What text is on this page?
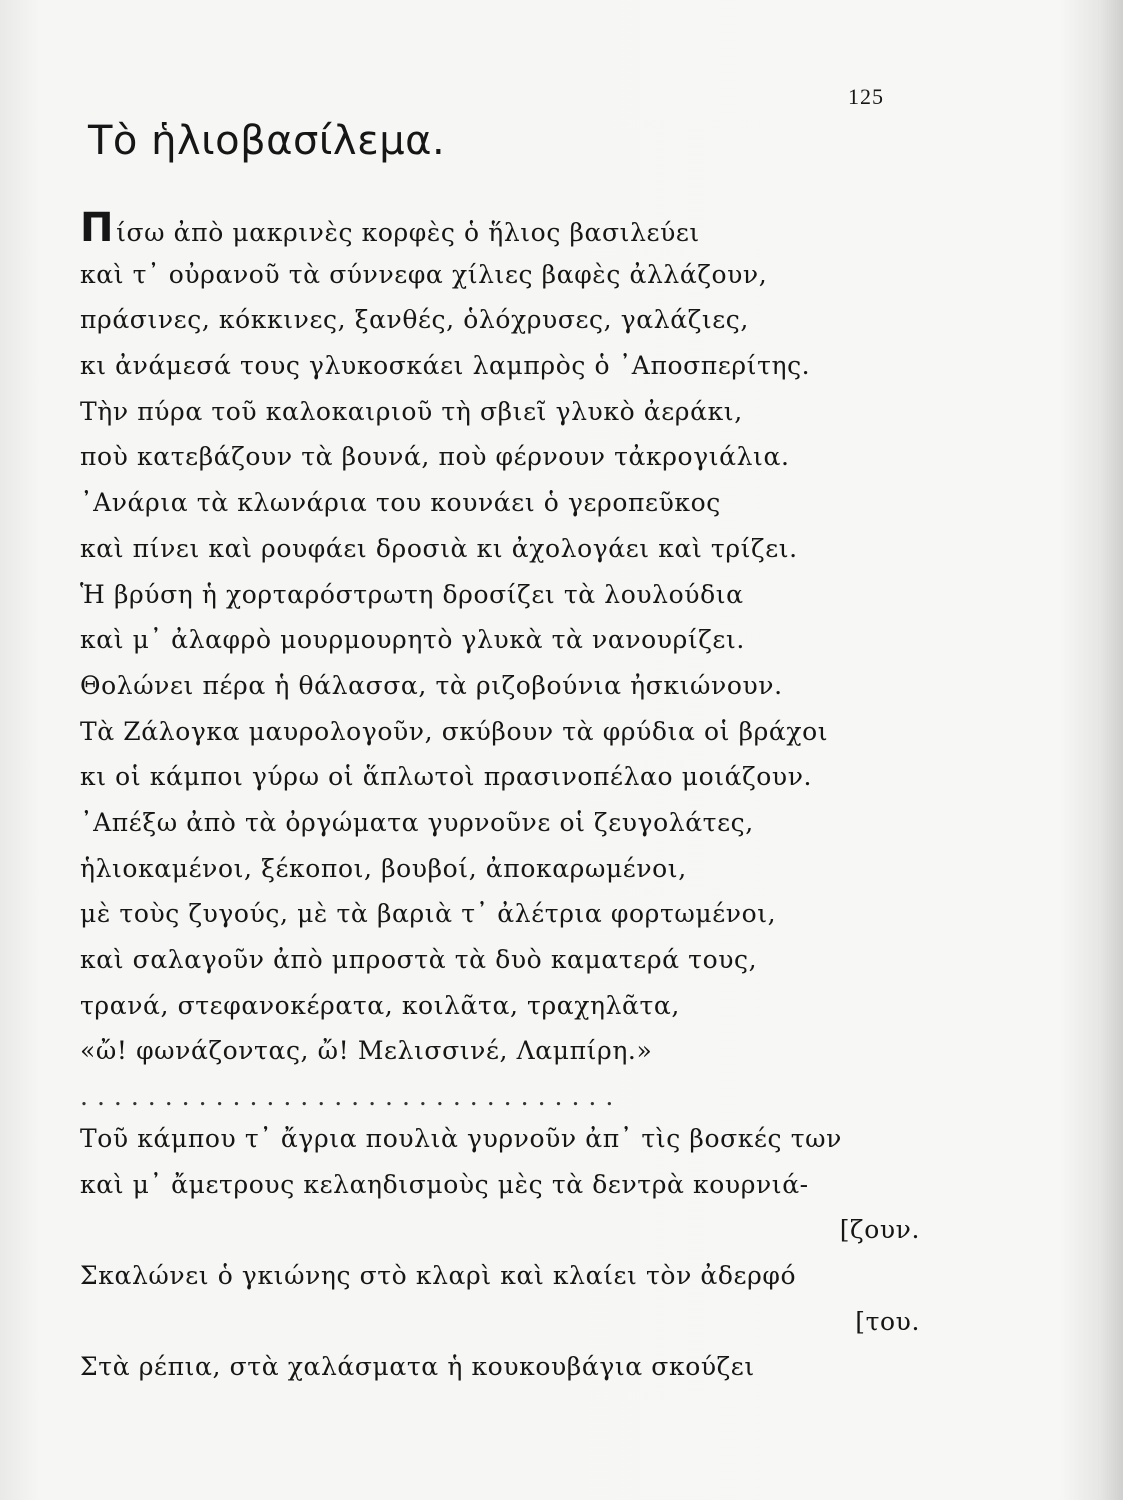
125
Τὸ ἡλιοβασίλεμα.
Πίσω ἀπὸ μακρινὲς κορφὲς ὁ ἥλιος βασιλεύει
καὶ τ᾿ οὐρανοῦ τὰ σύννεφα χίλιες βαφὲς ἀλλάζουν,
πράσινες, κόκκινες, ξανθές, ὁλόχρυσες, γαλάζιες,
κι ἀνάμεσά τους γλυκοσκάει λαμπρὸς ὁ ᾿Αποσπερίτης.
Τὴν πύρα τοῦ καλοκαιριοῦ τὴ σβιεῖ γλυκὸ ἀεράκι,
ποὺ κατεβάζουν τὰ βουνά, ποὺ φέρνουν τἀκρογιάλια.
᾿Ανάρια τὰ κλωνάρια του κουνάει ὁ γεροπεῦκος
καὶ πίνει καὶ ρουφάει δροσιὰ κι ἀχολογάει καὶ τρίζει.
Ἡ βρύση ἡ χορταρόστρωτη δροσίζει τὰ λουλούδια
καὶ μ᾿ ἀλαφρὸ μουρμουρητὸ γλυκὰ τὰ νανουρίζει.
Θολώνει πέρα ἡ θάλασσα, τὰ ριζοβούνια ἠσκιώνουν.
Τὰ Ζάλογκα μαυρολογοῦν, σκύβουν τὰ φρύδια οἱ βράχοι
κι οἱ κάμποι γύρω οἱ ἅπλωτοὶ πρασινοπέλαο μοιάζουν.
᾿Απέξω ἀπὸ τὰ ὀργώματα γυρνοῦνε οἱ ζευγολάτες,
ἡλιοκαμένοι, ξέκοποι, βουβοί, ἀποκαρωμένοι,
μὲ τοὺς ζυγούς, μὲ τὰ βαριὰ τ᾿ ἀλέτρια φορτωμένοι,
καὶ σαλαγοῦν ἀπὸ μπροστὰ τὰ δυὸ καματερά τους,
τρανά, στεφανοκέρατα, κοιλᾶτα, τραχηλᾶτα,
«ὤ! φωνάζοντας, ὤ! Μελισσινέ, Λαμπίρη.»
................................
Τοῦ κάμπου τ᾿ ἄγρια πουλιὰ γυρνοῦν ἀπ᾿ τὶς βοσκές των
καὶ μ᾿ ἄμετρους κελαηδισμοὺς μὲς τὰ δεντρὰ κουρνιά-
[ζουν.
Σκαλώνει ὁ γκιώνης στὸ κλαρὶ καὶ κλαίει τὸν ἀδερφό
[του.
Στὰ ρέπια, στὰ χαλάσματα ἡ κουκουβάγια σκούζει
